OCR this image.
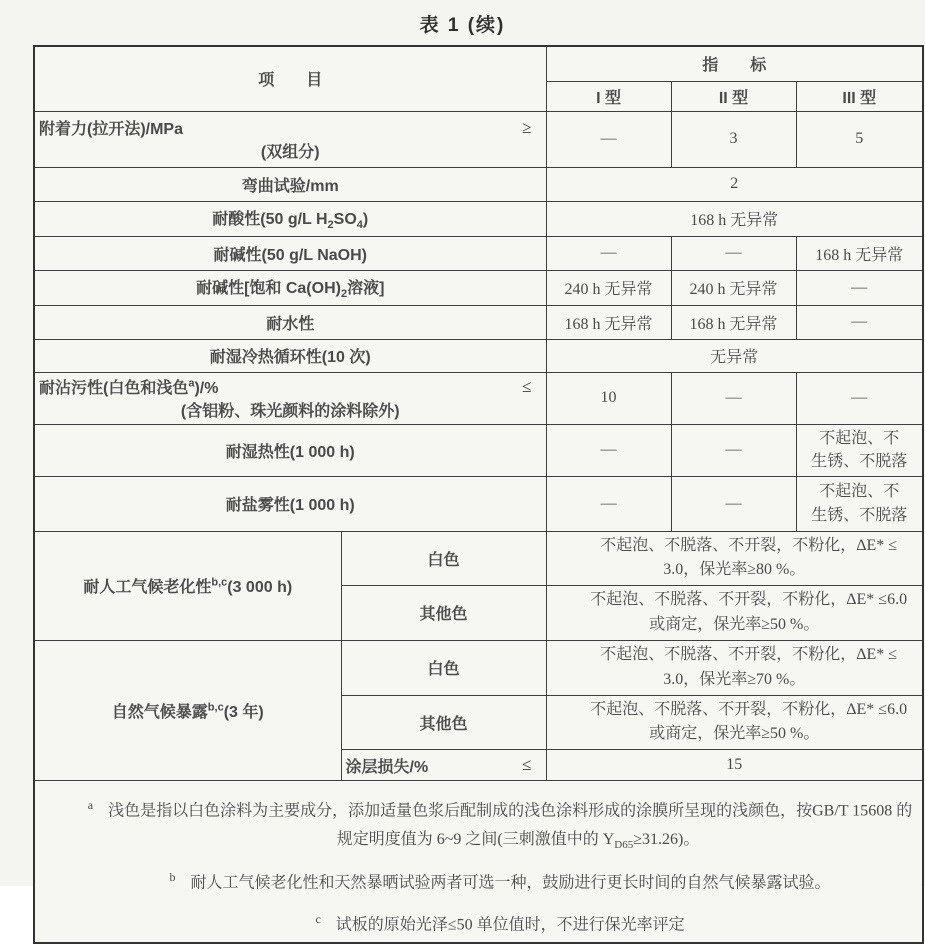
表 1 (续)
项　　目		指　　标		
		I 型	II 型	III 型

附着力(拉开法)/MPa ≥
(双组分)		—	3	5
弯曲试验/mm		2		
耐酸性(50 g/L $H_2SO_4$)		168 h 无异常		
耐碱性(50 g/L NaOH)		—	—	168 h 无异常
耐碱性[饱和 $Ca(OH)_2$溶液]		240 h 无异常	240 h 无异常	—
耐水性		168 h 无异常	168 h 无异常	—
耐湿冷热循环性(10 次)		无异常		

耐沾污性(白色和浅色$^a$)/% ≤
(含铝粉、珠光颜料的涂料除外)		10	—	—
耐湿热性(1 000 h)		—	—	不起泡、不
生锈、不脱落

耐盐雾性(1 000 h)		—	—	不起泡、不
生锈、不脱落

耐人工气候老化性$^{b,c}$(3 000 h)	白色	不起泡、不脱落、不开裂，不粉化，ΔE* ≤
3.0，保光率≥80 %。		

	其他色	不起泡、不脱落、不开裂，不粉化，ΔE* ≤6.0
或商定，保光率≥50 %。		

自然气候暴露$^{b,c}$(3 年)	白色	不起泡、不脱落、不开裂，不粉化，ΔE* ≤
3.0，保光率≥70 %。		

	其他色	不起泡、不脱落、不开裂，不粉化，ΔE* ≤6.0
或商定，保光率≥50 %。		

	涂层损失/% ≤	15		

$^a$ 浅色是指以白色涂料为主要成分，添加适量色浆后配制成的浅色涂料形成的涂膜所呈现的浅颜色，按GB/T 15608 的规定明度值为 6~9 之间(三刺激值中的 $Y_{D65}\ge 31.26$)。
$^b$ 耐人工气候老化性和天然暴晒试验两者可选一种，鼓励进行更长时间的自然气候暴露试验。
$^c$ 试板的原始光泽≤50 单位值时，不进行保光率评定				
